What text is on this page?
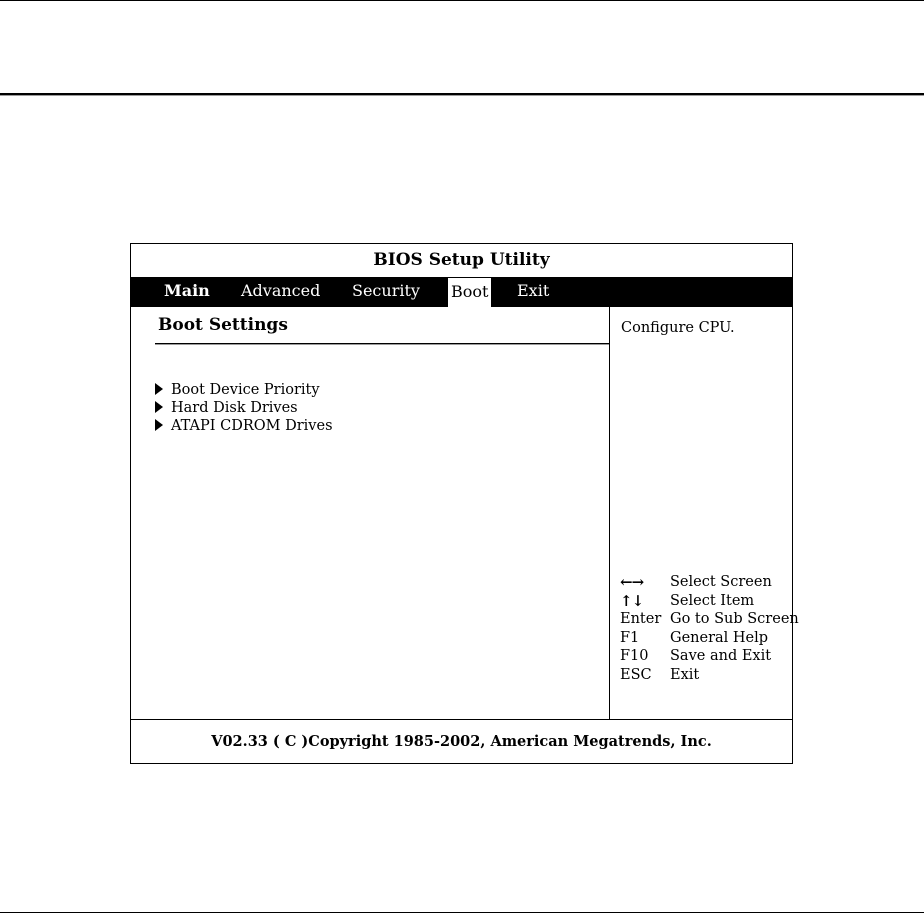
BIOS Setup Utility
Main Advanced Security Boot Exit
Boot Settings
Boot Device Priority
Hard Disk Drives
ATAPI CDROM Drives
Configure CPU.
←→ Select Screen
↑↓ Select Item
Enter Go to Sub Screen
F1 General Help
F10 Save and Exit
ESC Exit
V02.33 ( C )Copyright 1985-2002, American Megatrends, Inc.
